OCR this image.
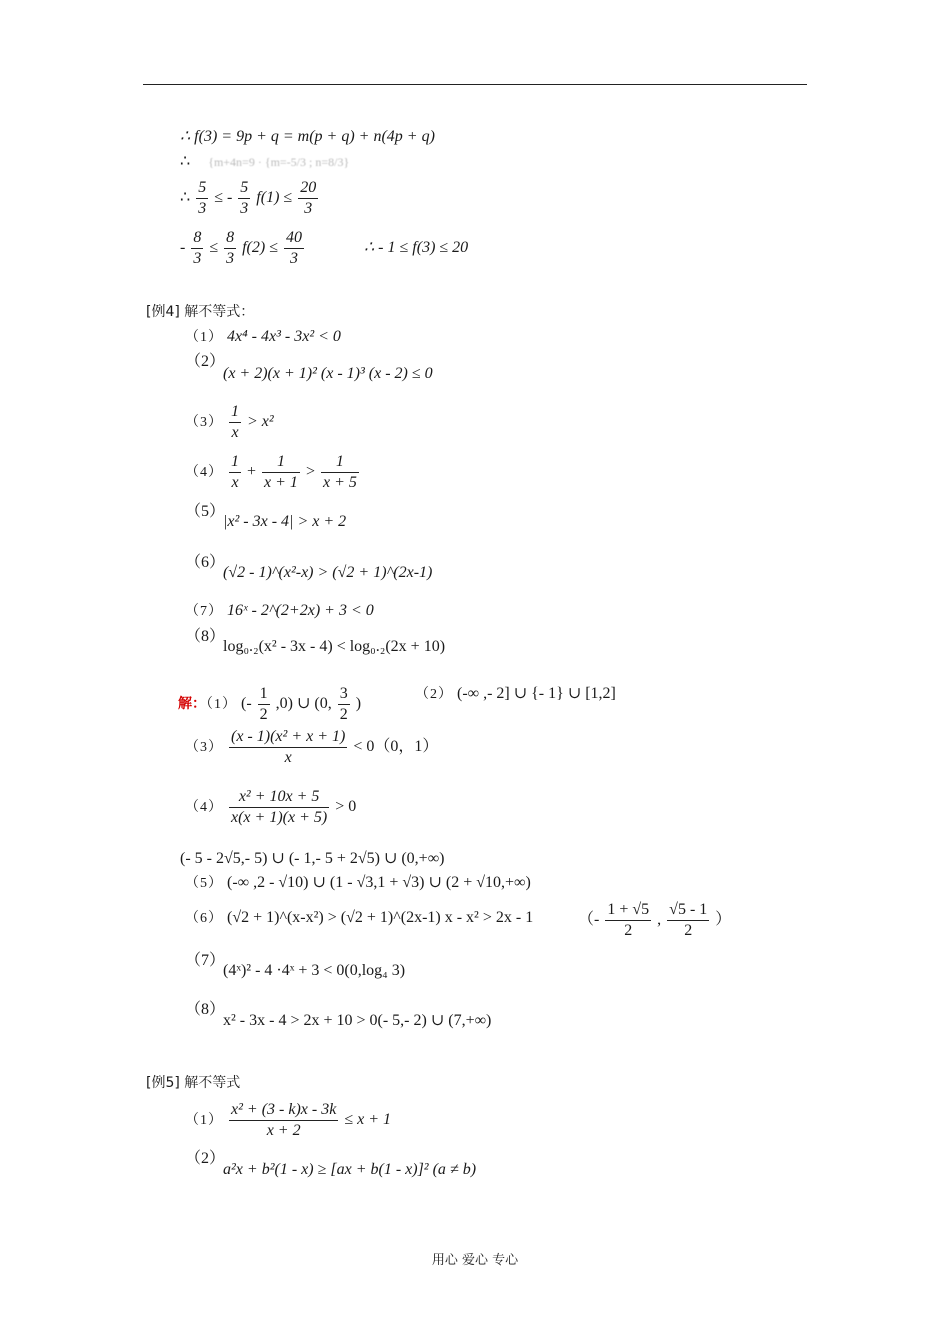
∴ f(3) = 9p + q = m(p + q) + n(4p + q)
∴ {m+4n=9 · {m=-5/3 ; n=8/3}
∴ $\frac{5}{3}$ ≤ - $\frac{5}{3} f(1) \le \frac{20}{3}$
- $\frac{8}{3} \le \frac{8}{3} f(2) \le \frac{40}{3}$	∴ - 1 ≤ f(3) ≤ 20
[例4] 解不等式：
（1） 4x⁴ - 4x³ - 3x² < 0
（2）
(x + 2)(x + 1)² (x - 1)³ (x - 2) ≤ 0
$(3) \frac{1}{x} > x^2$
$(4) \frac{1}{x} + \frac{1}{x + 1} > \frac{1}{x + 5}$
（5）
|x² - 3x - 4| > x + 2
（6）
(√2 - 1)^(x²-x) > (√2 + 1)^(2x-1)
（7） 16ˣ - 2^(2+2x) + 3 < 0
（8）
log₀.₂(x² - 3x - 4) < log₀.₂(2x + 10)
解：（1） (- $\frac{1}{2} ,0$) ∪ (0, $\frac{3}{2}$ )
（2） (-∞ ,- 2] ∪ {- 1} ∪ [1,2]
$(3) \frac{\text{(x - 1)(x² + x + 1)}}{x} < 0(0$，1）
$(4) \frac{\text{x² + 10x + 5}}{x(x + 1)(x + 5)} > 0$
(- 5 - 2√5,- 5) ∪ (- 1,- 5 + 2√5) ∪ (0,+∞)
（5） (-∞ ,2 - √10) ∪ (1 - √3,1 + √3) ∪ (2 + √10,+∞)
（6） (√2 + 1)^(x-x²) > (√2 + 1)^(2x-1) x - x² > 2x - 1	（- $\frac{1 + √5}{2}$ , $\frac{√5 - 1}{2}$ ）
（7）
(4ˣ)² - 4 ·4ˣ + 3 < 0(0,log₄ 3)
（8）
x² - 3x - 4 > 2x + 10 > 0(- 5,- 2) ∪ (7,+∞)
[例5] 解不等式
$(1) \frac{\text{x² + (3 - k)x - 3k}}{x + 2} \le x + 1$
（2）
a²x + b²(1 - x) ≥ [ax + b(1 - x)]² (a ≠ b)
用心 爱心 专心
